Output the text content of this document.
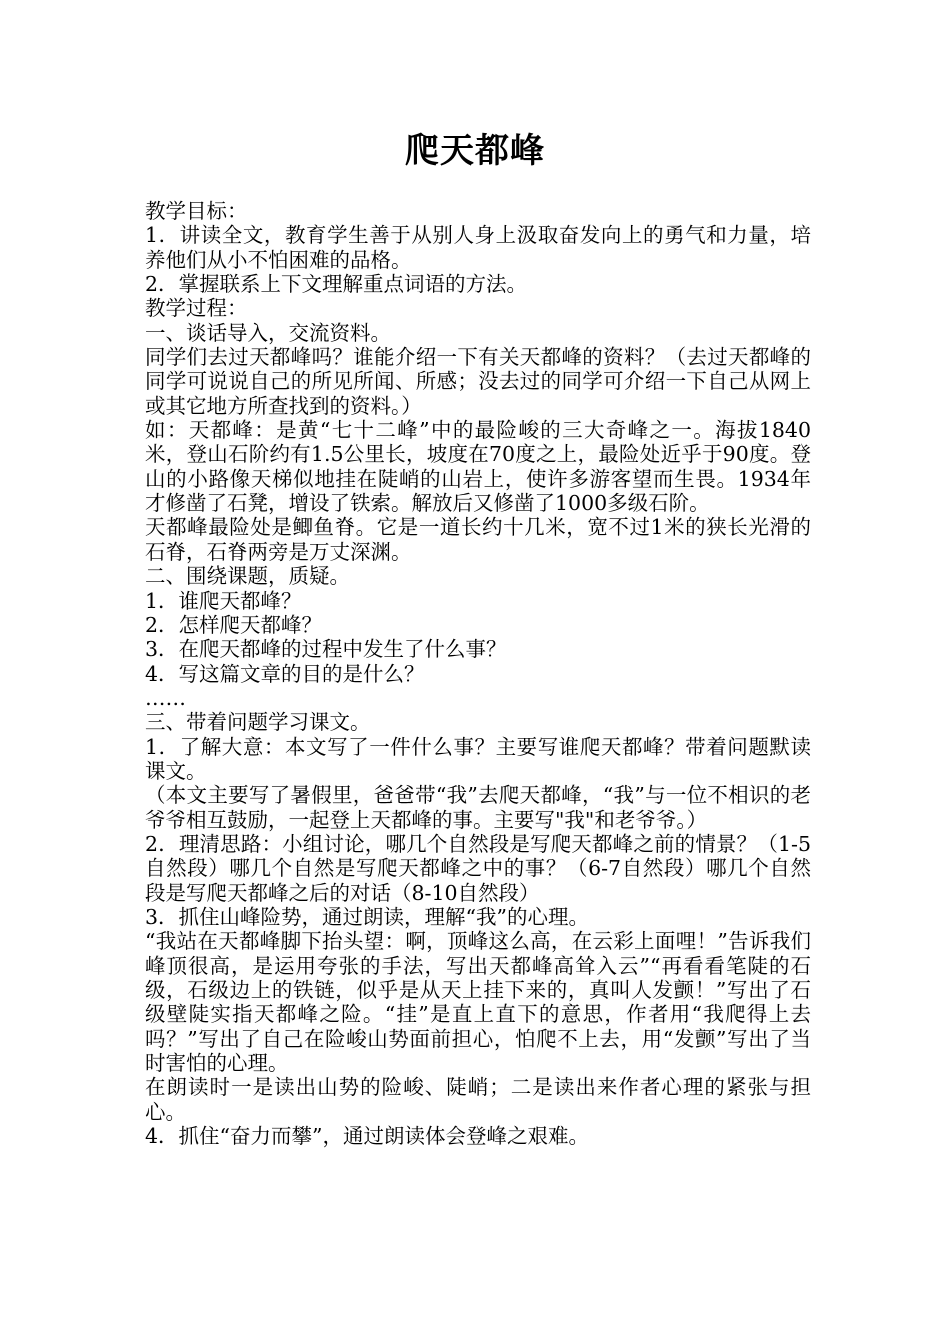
爬天都峰

教学目标：

1．讲读全文，教育学生善于从别人身上汲取奋发向上的勇气和力量，培养他们从小不怕困难的品格。

2．掌握联系上下文理解重点词语的方法。

教学过程：

一、谈话导入，交流资料。

同学们去过天都峰吗？谁能介绍一下有关天都峰的资料？（去过天都峰的同学可说说自己的所见所闻、所感；没去过的同学可介绍一下自己从网上或其它地方所查找到的资料。）

如：天都峰：是黄“七十二峰”中的最险峻的三大奇峰之一。海拔1840米，登山石阶约有1.5公里长，坡度在70度之上，最险处近乎于90度。登山的小路像天梯似地挂在陡峭的山岩上，使许多游客望而生畏。1934年才修凿了石凳，增设了铁索。解放后又修凿了1000多级石阶。

天都峰最险处是鲫鱼脊。它是一道长约十几米，宽不过1米的狭长光滑的石脊，石脊两旁是万丈深渊。

二、围绕课题，质疑。

1．谁爬天都峰？

2．怎样爬天都峰？

3．在爬天都峰的过程中发生了什么事？

4．写这篇文章的目的是什么？

……

三、带着问题学习课文。

1．了解大意：本文写了一件什么事？主要写谁爬天都峰？带着问题默读课文。

（本文主要写了暑假里，爸爸带“我”去爬天都峰，“我”与一位不相识的老爷爷相互鼓励，一起登上天都峰的事。主要写"我"和老爷爷。）

2．理清思路：小组讨论，哪几个自然段是写爬天都峰之前的情景？（1-5自然段）哪几个自然是写爬天都峰之中的事？（6-7自然段）哪几个自然段是写爬天都峰之后的对话（8-10自然段）

3．抓住山峰险势，通过朗读，理解“我”的心理。

“我站在天都峰脚下抬头望：啊，顶峰这么高，在云彩上面哩！”告诉我们峰顶很高，是运用夸张的手法，写出天都峰高耸入云”“再看看笔陡的石级，石级边上的铁链，似乎是从天上挂下来的，真叫人发颤！”写出了石级壁陡实指天都峰之险。“挂”是直上直下的意思，作者用“我爬得上去吗？”写出了自己在险峻山势面前担心，怕爬不上去，用“发颤”写出了当时害怕的心理。

在朗读时一是读出山势的险峻、陡峭；二是读出来作者心理的紧张与担心。

4．抓住“奋力而攀”，通过朗读体会登峰之艰难。
